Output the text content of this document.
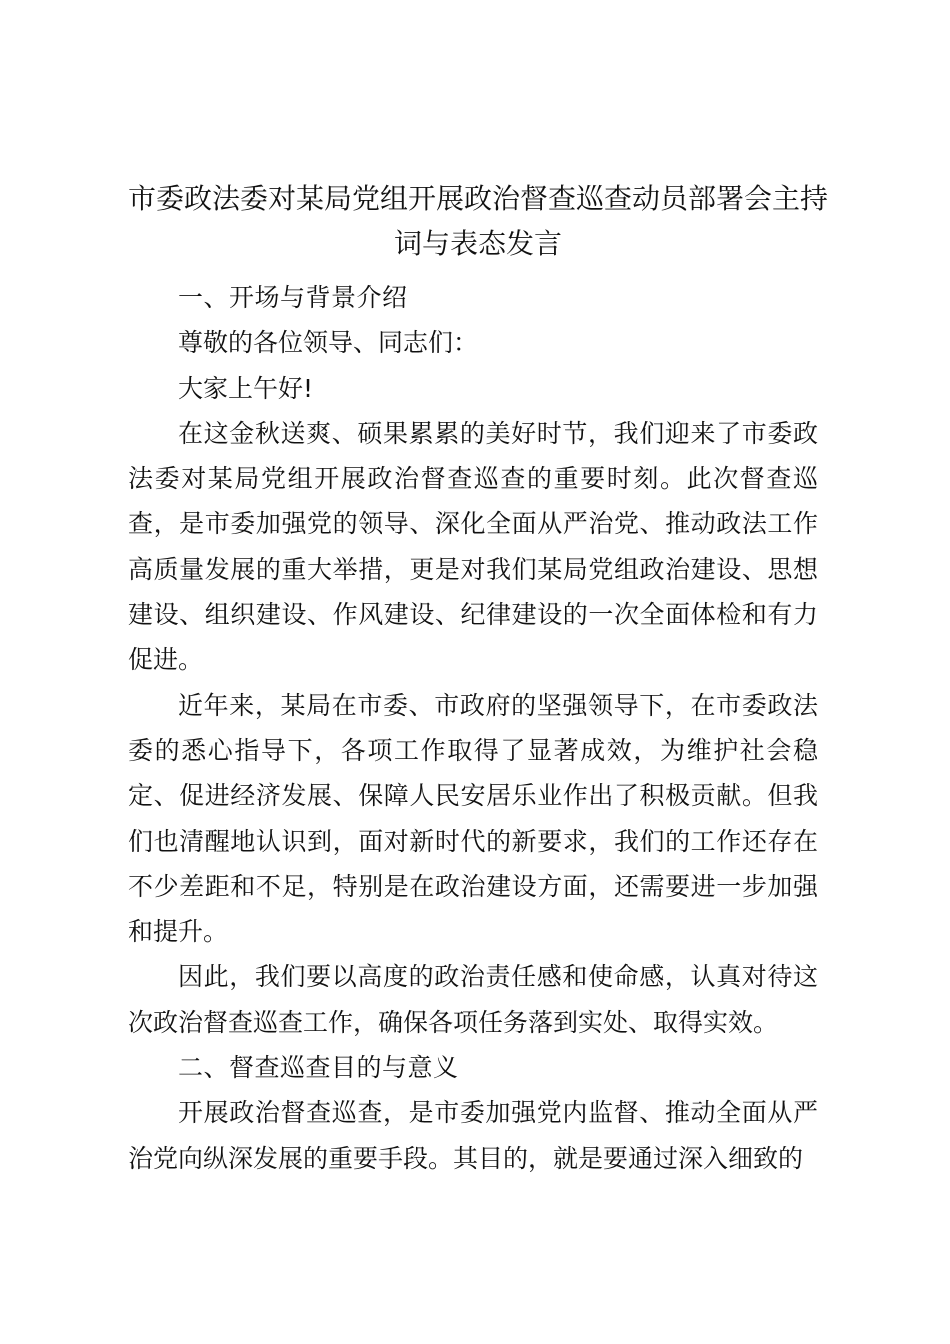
市委政法委对某局党组开展政治督查巡查动员部署会主持词与表态发言

一、开场与背景介绍

尊敬的各位领导、同志们：

大家上午好!

在这金秋送爽、硕果累累的美好时节，我们迎来了市委政法委对某局党组开展政治督查巡查的重要时刻。此次督查巡查，是市委加强党的领导、深化全面从严治党、推动政法工作高质量发展的重大举措，更是对我们某局党组政治建设、思想建设、组织建设、作风建设、纪律建设的一次全面体检和有力促进。

近年来，某局在市委、市政府的坚强领导下，在市委政法委的悉心指导下，各项工作取得了显著成效，为维护社会稳定、促进经济发展、保障人民安居乐业作出了积极贡献。但我们也清醒地认识到，面对新时代的新要求，我们的工作还存在不少差距和不足，特别是在政治建设方面，还需要进一步加强和提升。

因此，我们要以高度的政治责任感和使命感，认真对待这次政治督查巡查工作，确保各项任务落到实处、取得实效。

二、督查巡查目的与意义

开展政治督查巡查，是市委加强党内监督、推动全面从严治党向纵深发展的重要手段。其目的，就是要通过深入细致的
